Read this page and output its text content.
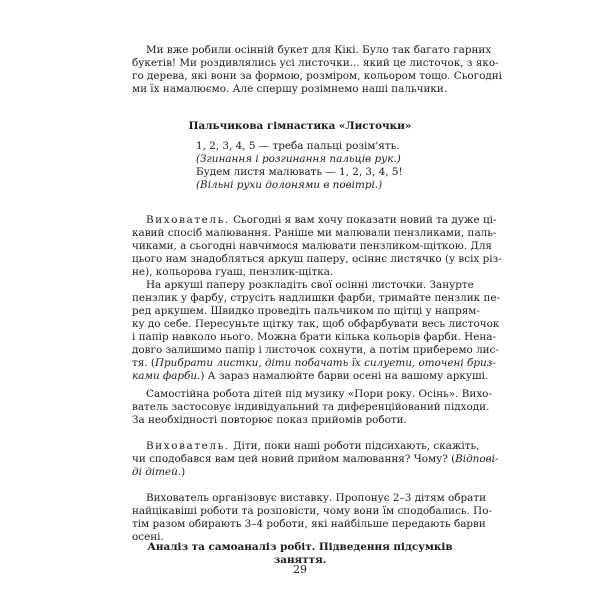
Ми вже робили осінній букет для Кікі. Було так багато гарних
букетів! Ми роздивлялись усі листочки... який це листочок, з яко-
го дерева, які вони за формою, розміром, кольором тощо. Сьогодні
ми їх намалюємо. Але спершу розімнемо наші пальчики.

Пальчикова гімнастика «Листочки»

1, 2, 3, 4, 5 — треба пальці розім'ять.
(Згинання і розгинання пальців рук.)
Будем листя малювать — 1, 2, 3, 4, 5!
(Вільні рухи долонями в повітрі.)

Вихователь. Сьогодні я вам хочу показати новий та дуже ці-
кавий спосіб малювання. Раніше ми малювали пензликами, паль-
чиками, а сьогодні навчимося малювати пензликом-щіткою. Для
цього нам знадобляться аркуш паперу, осіннє листячко (у всіх різ-
не), кольорова гуаш, пензлик-щітка.

На аркуші паперу розкладіть свої осінні листочки. Занурте
пензлик у фарбу, струсіть надлишки фарби, тримайте пензлик пе-
ред аркушем. Швидко проведіть пальчиком по щітці у напрям-
ку до себе. Пересуньте щітку так, щоб обфарбувати весь листочок
і папір навколо нього. Можна брати кілька кольорів фарби. Нена-
довго залишимо папір і листочок сохнути, а потім приберемо лис-
тя. (Прибрати листки, діти побачать їх силуети, оточені бриз-
ками фарби.) А зараз намалюйте барви осені на вашому аркуші.

Самостійна робота дітей під музику «Пори року. Осінь». Вихо-
ватель застосовує індивідуальний та диференційований підходи.
За необхідності повторює показ прийомів роботи.

Вихователь. Діти, поки наші роботи підсихають, скажіть,
чи сподобався вам цей новий прийом малювання? Чому? (Відпові-
ді дітей.)

Вихователь організовує виставку. Пропонує 2–3 дітям обрати
найцікавіші роботи та розповісти, чому вони їм сподобались. По-
тім разом обирають 3–4 роботи, які найбільше передають барви
осені.

Аналіз та самоаналіз робіт. Підведення підсумків заняття.

29
